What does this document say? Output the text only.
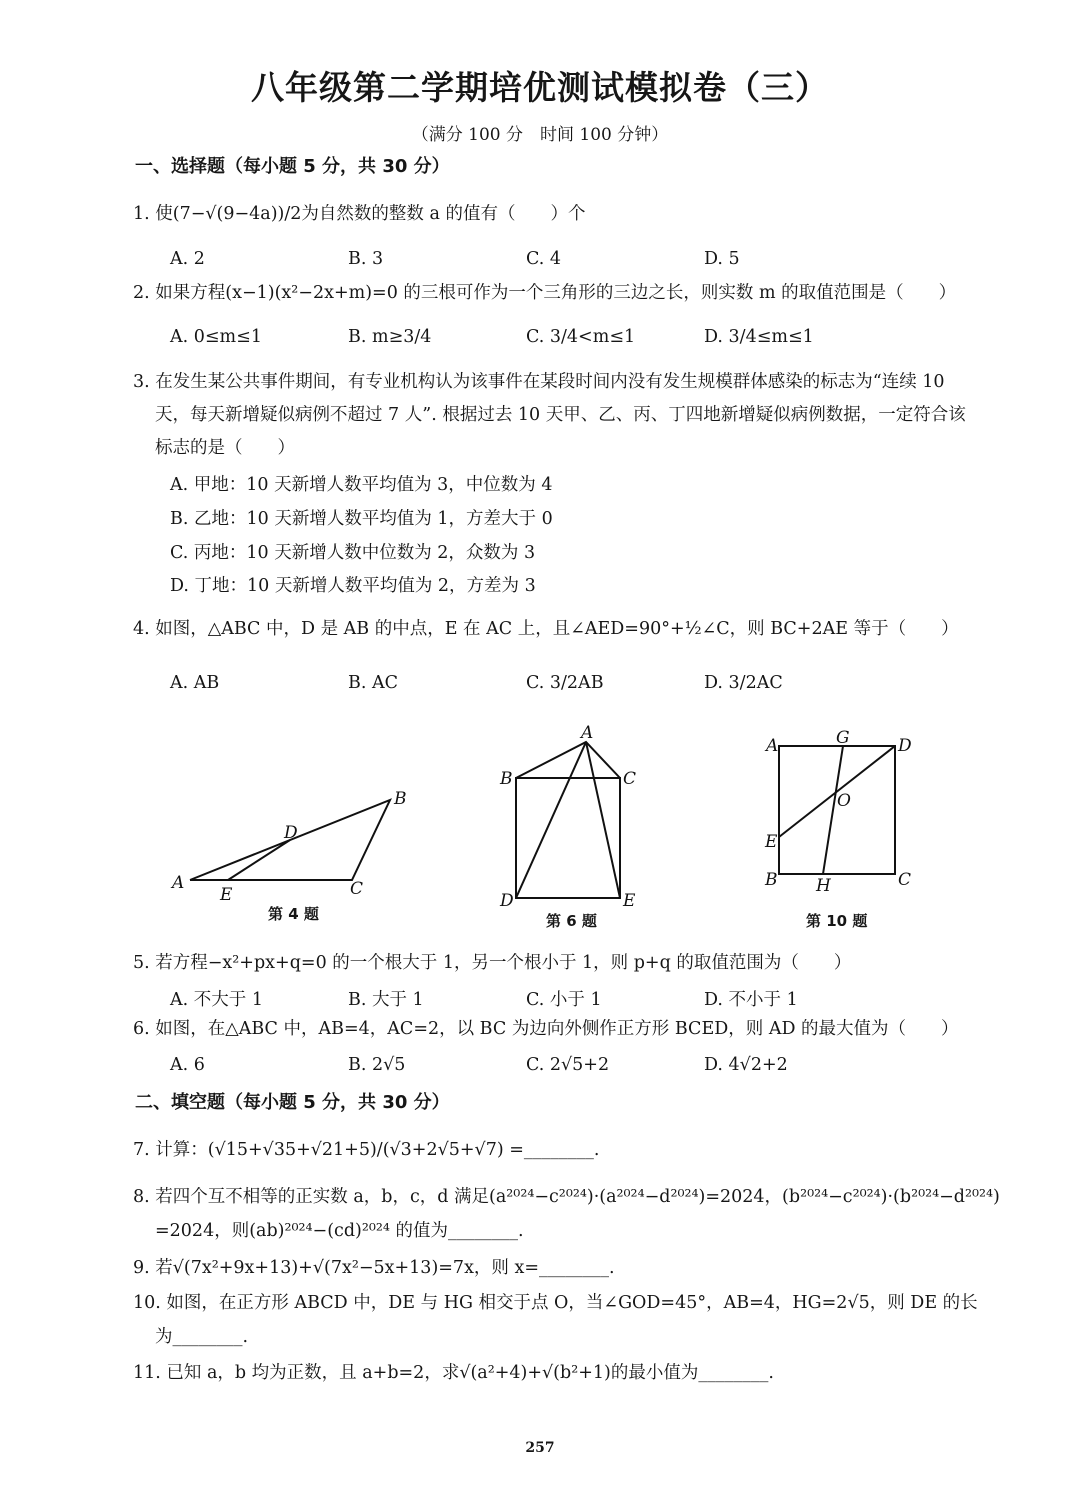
八年级第二学期培优测试模拟卷（三）
（满分 100 分　时间 100 分钟）
一、选择题（每小题 5 分，共 30 分）
1. 使(7−√(9−4a))/2为自然数的整数 a 的值有（　　）个
A. 2	B. 3	C. 4	D. 5
2. 如果方程(x−1)(x²−2x+m)=0 的三根可作为一个三角形的三边之长，则实数 m 的取值范围是（　　）
A. 0≤m≤1	B. m≥3/4	C. 3/4<m≤1	D. 3/4≤m≤1
3. 在发生某公共事件期间，有专业机构认为该事件在某段时间内没有发生规模群体感染的标志为“连续 10
天，每天新增疑似病例不超过 7 人”. 根据过去 10 天甲、乙、丙、丁四地新增疑似病例数据，一定符合该
标志的是（　　）
A. 甲地：10 天新增人数平均值为 3，中位数为 4
B. 乙地：10 天新增人数平均值为 1，方差大于 0
C. 丙地：10 天新增人数中位数为 2，众数为 3
D. 丁地：10 天新增人数平均值为 2，方差为 3
4. 如图，△ABC 中，D 是 AB 的中点，E 在 AC 上，且∠AED=90°+½∠C，则 BC+2AE 等于（　　）
A. AB	B. AC	C. 3/2AB	D. 3/2AC
A
E
D
B
C
第 4 题
A
B	C
D	E
第 6 题
A	G	D
O
E
B H	C
第 10 题
5. 若方程−x²+px+q=0 的一个根大于 1，另一个根小于 1，则 p+q 的取值范围为（　　）
A. 不大于 1	B. 大于 1	C. 小于 1	D. 不小于 1
6. 如图，在△ABC 中，AB=4，AC=2，以 BC 为边向外侧作正方形 BCED，则 AD 的最大值为（　　）
A. 6	B. 2√5	C. 2√5+2	D. 4√2+2
二、填空题（每小题 5 分，共 30 分）
7. 计算：(√15+√35+√21+5)/(√3+2√5+√7) =________.
8. 若四个互不相等的正实数 a，b，c，d 满足(a²⁰²⁴−c²⁰²⁴)·(a²⁰²⁴−d²⁰²⁴)=2024，(b²⁰²⁴−c²⁰²⁴)·(b²⁰²⁴−d²⁰²⁴)
=2024，则(ab)²⁰²⁴−(cd)²⁰²⁴ 的值为________.
9. 若√(7x²+9x+13)+√(7x²−5x+13)=7x，则 x=________.
10. 如图，在正方形 ABCD 中，DE 与 HG 相交于点 O，当∠GOD=45°，AB=4，HG=2√5，则 DE 的长
为________.
11. 已知 a，b 均为正数，且 a+b=2，求√(a²+4)+√(b²+1)的最小值为________.
257
